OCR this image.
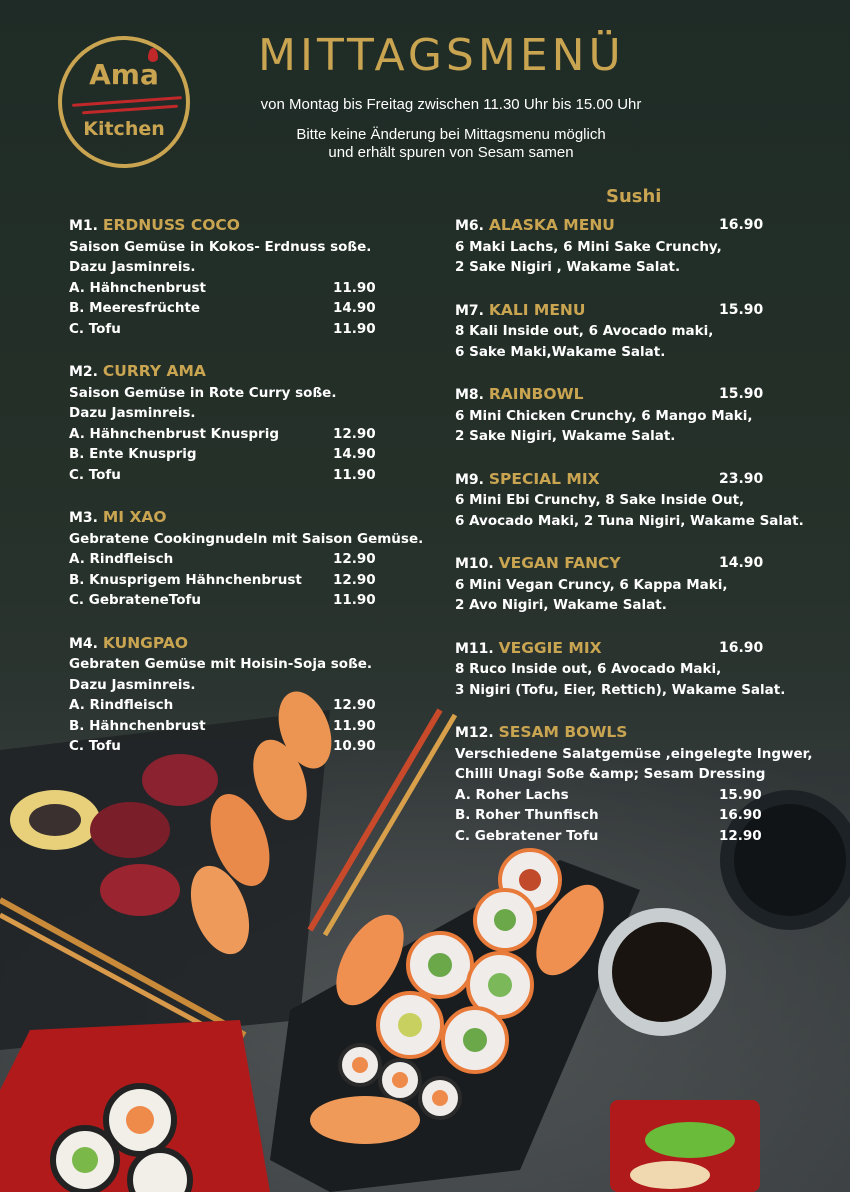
Ama
Kitchen
MITTAGSMENÜ
von Montag bis Freitag zwischen 11.30 Uhr bis 15.00 Uhr
Bitte keine Änderung bei Mittagsmenu möglich
und erhält spuren von Sesam samen
Sushi
M1. ERDNUSS COCO
Saison Gemüse in Kokos- Erdnuss soße.
Dazu Jasminreis.
A. Hähnchenbrust	11.90
B. Meeresfrüchte	14.90
C. Tofu	11.90
M2. CURRY AMA
Saison Gemüse in Rote Curry soße.
Dazu Jasminreis.
A. Hähnchenbrust Knusprig	12.90
B. Ente Knusprig	14.90
C. Tofu	11.90
M3. MI XAO
Gebratene Cookingnudeln mit Saison Gemüse.
A. Rindfleisch	12.90
B. Knusprigem Hähnchenbrust 12.90
C. GebrateneTofu	11.90
M4. KUNGPAO
Gebraten Gemüse mit Hoisin-Soja soße.
Dazu Jasminreis.
A. Rindfleisch	12.90
B. Hähnchenbrust	11.90
C. Tofu	10.90
M6. ALASKA MENU	16.90
6 Maki Lachs, 6 Mini Sake Crunchy,
2 Sake Nigiri , Wakame Salat.
M7. KALI MENU	15.90
8 Kali Inside out, 6 Avocado maki,
6 Sake Maki,Wakame Salat.
M8. RAINBOWL	15.90
6 Mini Chicken Crunchy, 6 Mango Maki,
2 Sake Nigiri, Wakame Salat.
M9. SPECIAL MIX	23.90
6 Mini Ebi Crunchy, 8 Sake Inside Out,
6 Avocado Maki, 2 Tuna Nigiri, Wakame Salat.
M10. VEGAN FANCY	14.90
6 Mini Vegan Cruncy, 6 Kappa Maki,
2 Avo Nigiri, Wakame Salat.
M11. VEGGIE MIX	16.90
8 Ruco Inside out, 6 Avocado Maki,
3 Nigiri (Tofu, Eier, Rettich), Wakame Salat.
M12. SESAM BOWLS
Verschiedene Salatgemüse ,eingelegte Ingwer,
Chilli Unagi Soße &amp; Sesam Dressing
A. Roher Lachs	15.90
B. Roher Thunfisch	16.90
C. Gebratener Tofu	12.90
